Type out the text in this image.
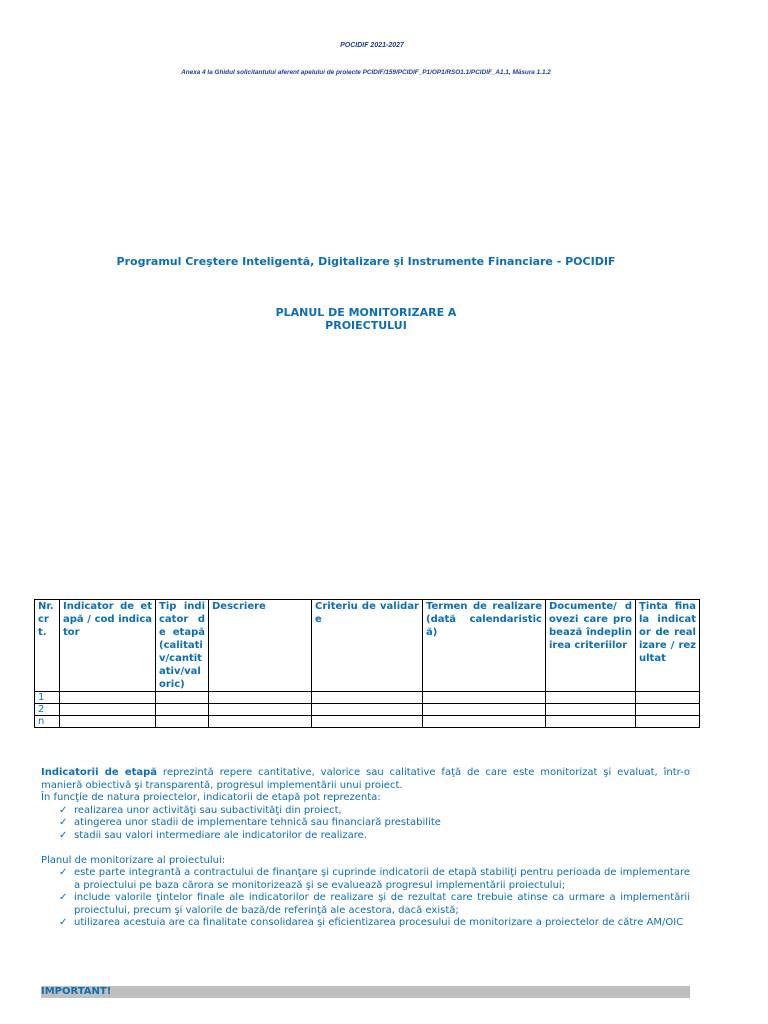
POCIDIF 2021-2027
Anexa 4 la Ghidul solicitantului aferent apelului de proiecte PCIDIF/159/PCIDIF_P1/OP1/RSO1.1/PCIDIF_A1.1, Măsura 1.1.2
Programul Creştere Inteligentă, Digitalizare şi Instrumente Financiare - POCIDIF
PLANUL DE MONITORIZARE A
PROIECTULUI
Nr. crt.	Indicator de etapă / cod indicator	Tip indicator de etapă (calitativ/cantitativ/valoric)	Descriere	Criteriu de validare	Termen de realizare (dată calendaristică)	Documente/ dovezi care probează îndeplinirea criteriilor	Ţinta finala indicator de realizare / rezultat
1							
2							
n							

Indicatorii de etapă reprezintă repere cantitative, valorice sau calitative faţă de care este monitorizat şi evaluat, într-o manieră obiectivă şi transparentă, progresul implementării unui proiect.

În funcţie de natura proiectelor, indicatorii de etapă pot reprezenta:

✓ realizarea unor activităţi sau subactivităţi din proiect,
✓ atingerea unor stadii de implementare tehnică sau financiară prestabilite
✓ stadii sau valori intermediare ale indicatorilor de realizare.

Planul de monitorizare al proiectului:

✓ este parte integrantă a contractului de finanţare şi cuprinde indicatorii de etapă stabiliţi pentru perioada de implementare a proiectului pe baza cărora se monitorizează şi se evaluează progresul implementării proiectului;
✓ include valorile ţintelor finale ale indicatorilor de realizare şi de rezultat care trebuie atinse ca urmare a implementării proiectului, precum şi valorile de bază/de referinţă ale acestora, dacă există;
✓ utilizarea acestuia are ca finalitate consolidarea şi eficientizarea procesului de monitorizare a proiectelor de către AM/OIC
IMPORTANT!
